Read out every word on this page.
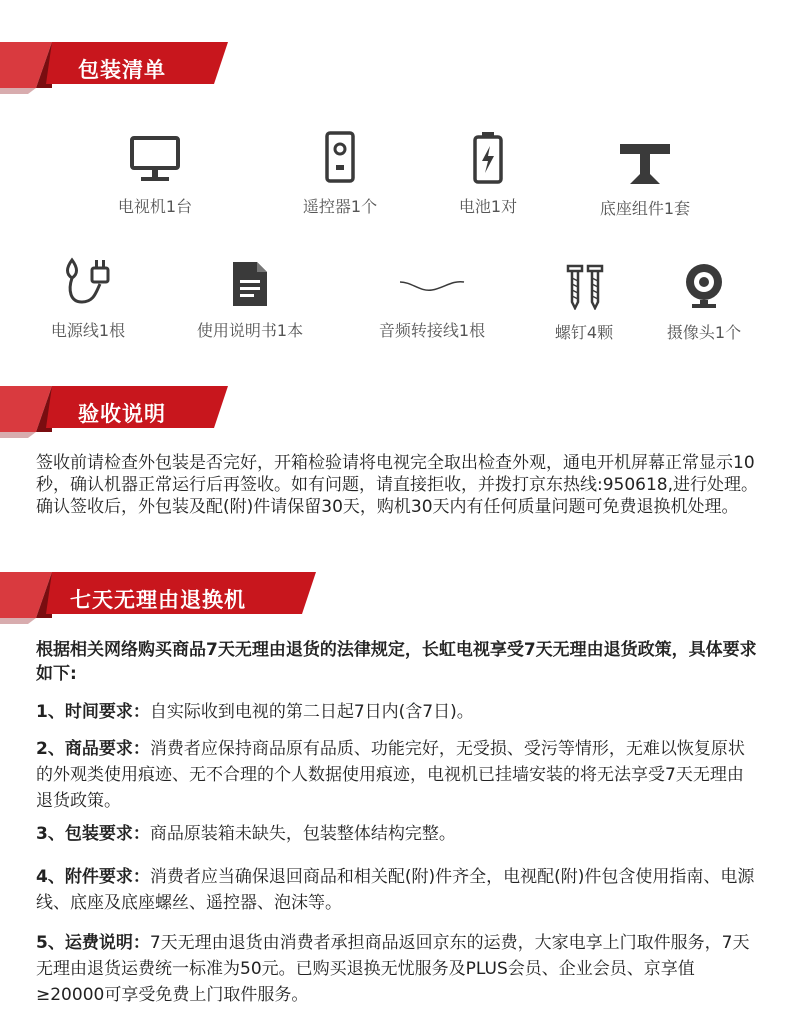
包装清单
电视机1台	遥控器1个	电池1对	底座组件1套
电源线1根	使用说明书1本	音频转接线1根	螺钉4颗	摄像头1个
验收说明
签收前请检查外包装是否完好，开箱检验请将电视完全取出检查外观，通电开机屏幕正常显示10秒，确认机器正常运行后再签收。如有问题，请直接拒收，并拨打京东热线:950618,进行处理。确认签收后，外包装及配(附)件请保留30天，购机30天内有任何质量问题可免费退换机处理。
七天无理由退换机
根据相关网络购买商品7天无理由退货的法律规定，长虹电视享受7天无理由退货政策，具体要求如下:
1、时间要求：自实际收到电视的第二日起7日内(含7日)。
2、商品要求：消费者应保持商品原有品质、功能完好，无受损、受污等情形，无难以恢复原状的外观类使用痕迹、无不合理的个人数据使用痕迹，电视机已挂墙安装的将无法享受7天无理由退货政策。
3、包装要求：商品原装箱未缺失，包装整体结构完整。
4、附件要求：消费者应当确保退回商品和相关配(附)件齐全，电视配(附)件包含使用指南、电源线、底座及底座螺丝、遥控器、泡沫等。
5、运费说明：7天无理由退货由消费者承担商品返回京东的运费，大家电享上门取件服务，7天无理由退货运费统一标准为50元。已购买退换无忧服务及PLUS会员、企业会员、京享值≥20000可享受免费上门取件服务。
